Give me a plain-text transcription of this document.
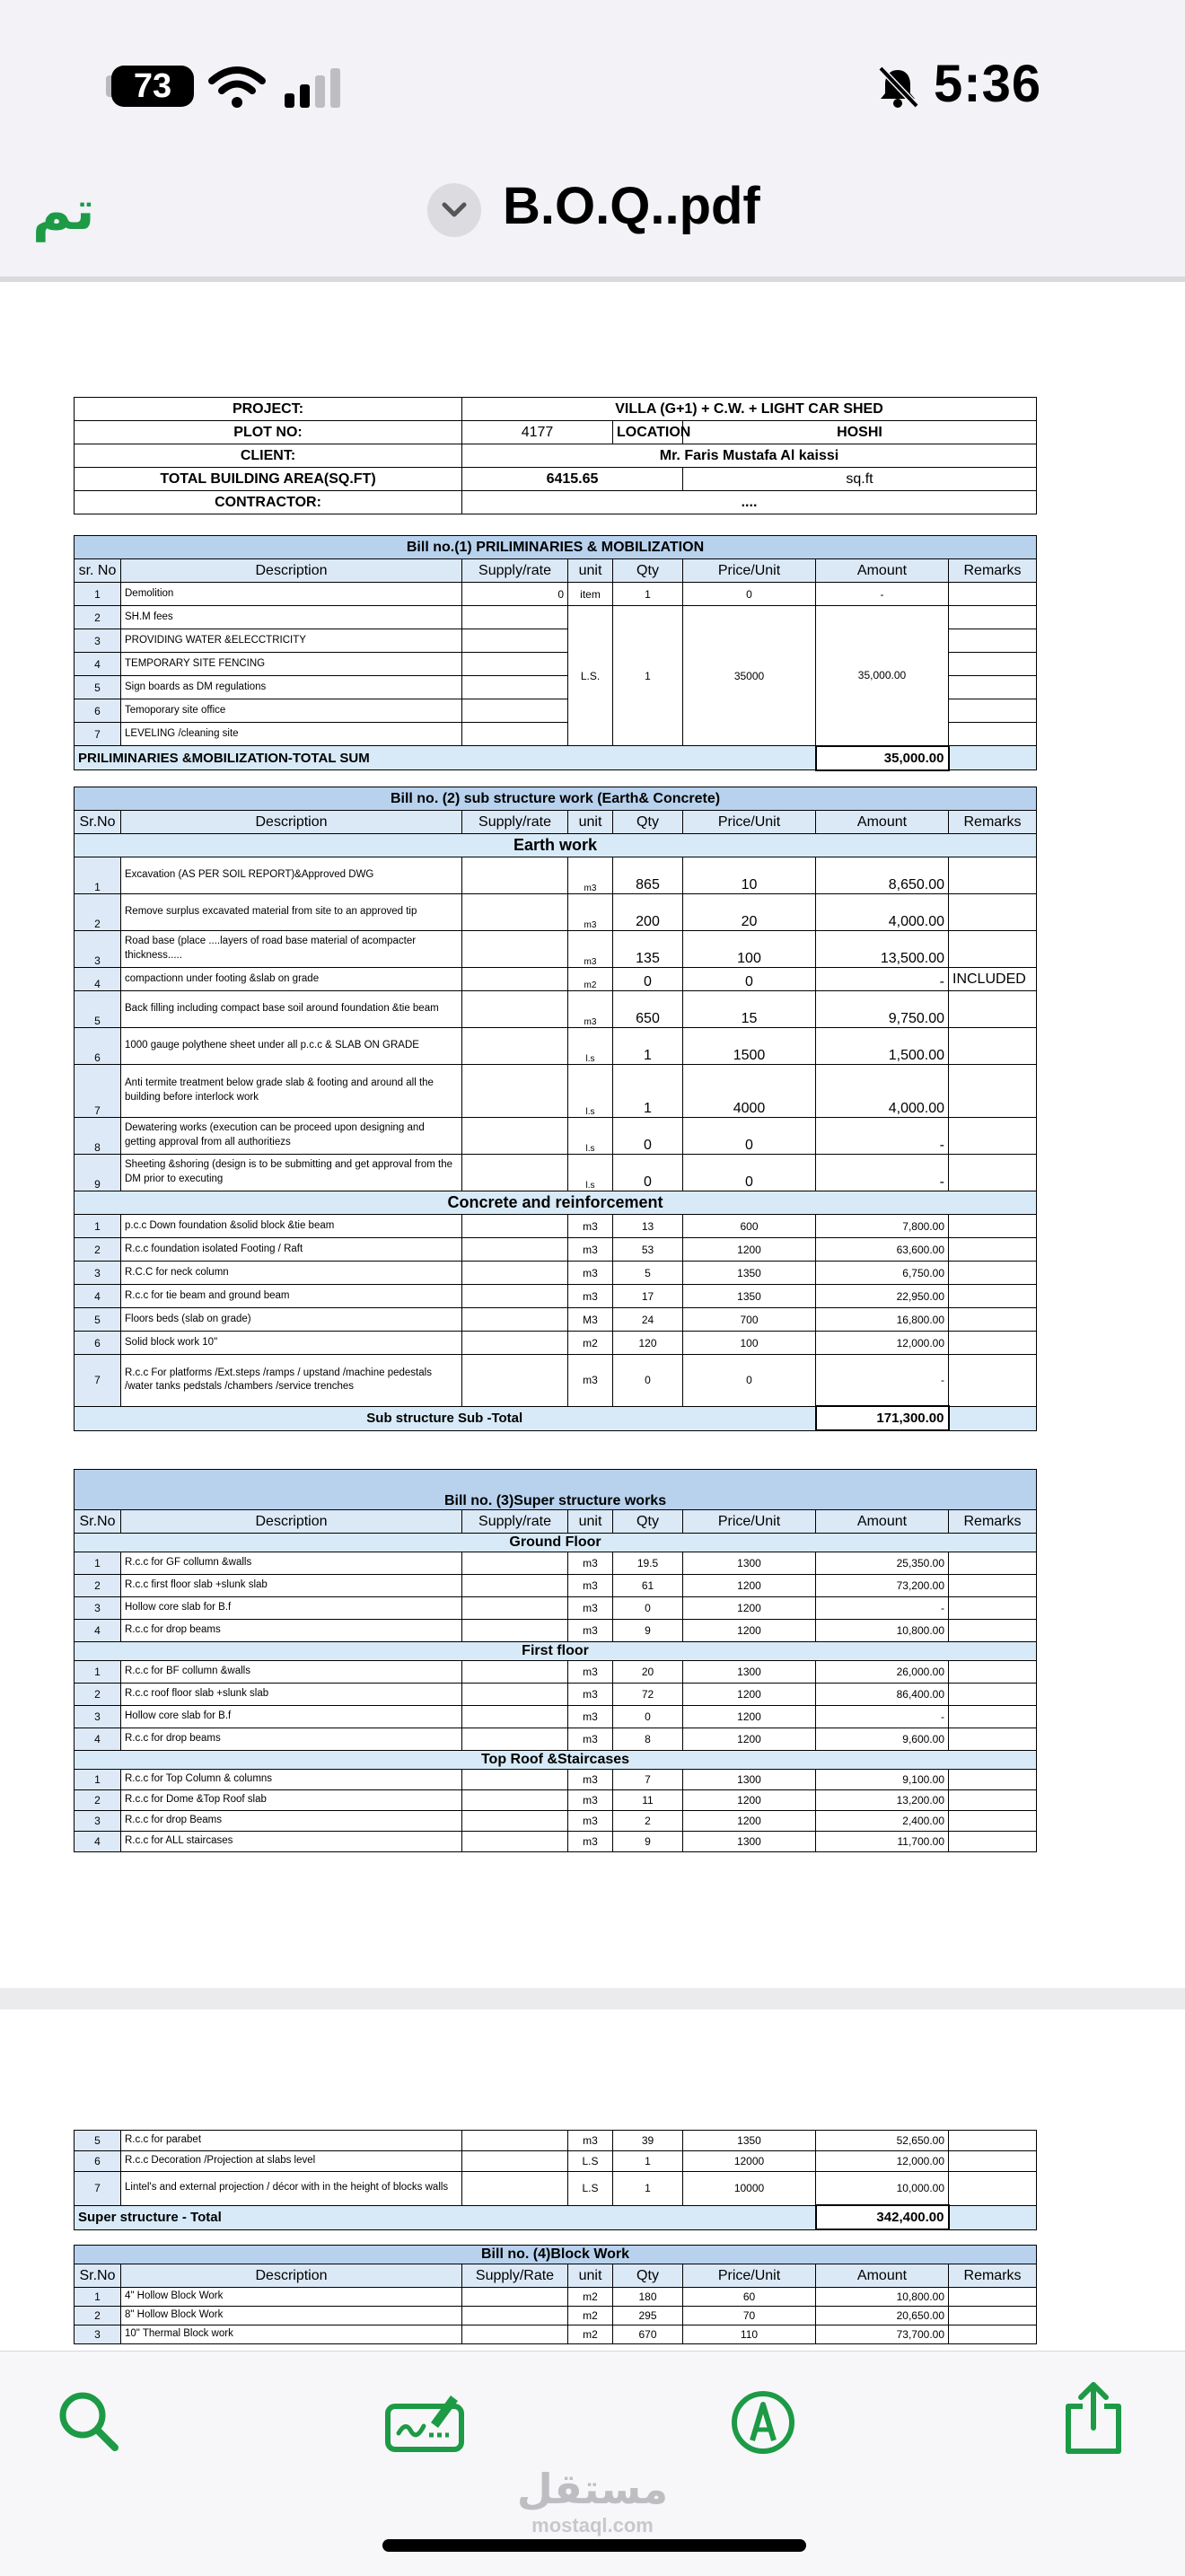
73	5:36
تم	B.O.Q..pdf
PROJECT:	VILLA (G+1) + C.W. + LIGHT CAR SHED		
PLOT NO:	4177	LOCATION	HOSHI
CLIENT:	Mr. Faris Mustafa Al kaissi		
TOTAL BUILDING AREA(SQ.FT)	6415.65		sq.ft
CONTRACTOR:	....		
Bill no.(1) PRILIMINARIES & MOBILIZATION							
sr. No	Description	Supply/rate	unit	Qty	Price/Unit	Amount	Remarks
1	Demolition	0	item	1	0	-	
2	SH.M fees		L.S.	1	35000	35,000.00	
3	PROVIDING WATER &ELECCTRICITY						
4	TEMPORARY SITE FENCING						
5	Sign boards as DM regulations						
6	Temoporary site office						
7	LEVELING /cleaning site						
PRILIMINARIES &MOBILIZATION-TOTAL SUM						35,000.00	
Bill no. (2) sub structure work (Earth& Concrete)							
Sr.No	Description	Supply/rate	unit	Qty	Price/Unit	Amount	Remarks
Earth work							
1	Excavation (AS PER SOIL REPORT)&Approved DWG		m3	865	10	8,650.00	
2	Remove surplus excavated material from site to an approved tip		m3	200	20	4,000.00	
3	Road base (place ....layers of road base material of acompacter thickness.....		m3	135	100	13,500.00	
4	compactionn under footing &slab on grade		m2	0	0	-	INCLUDED
5	Back filling including compact base soil around foundation &tie beam		m3	650	15	9,750.00	
6	1000 gauge polythene sheet under all p.c.c & SLAB ON GRADE		l.s	1	1500	1,500.00	
7	Anti termite treatment below grade slab & footing and around all the building before interlock work		l.s	1	4000	4,000.00	
8	Dewatering works (execution can be proceed upon designing and getting approval from all authoritiezs		l.s	0	0	-	
9	Sheeting &shoring (design is to be submitting and get approval from the DM prior to executing		l.s	0	0	-	
Concrete and reinforcement							
1	p.c.c Down foundation &solid block &tie beam		m3	13	600	7,800.00	
2	R.c.c foundation isolated Footing / Raft		m3	53	1200	63,600.00	
3	R.C.C for neck column		m3	5	1350	6,750.00	
4	R.c.c for tie beam and ground beam		m3	17	1350	22,950.00	
5	Floors beds (slab on grade)		M3	24	700	16,800.00	
6	Solid block work 10"		m2	120	100	12,000.00	
7	R.c.c For platforms /Ext.steps /ramps / upstand /machine pedestals /water tanks pedstals /chambers /service trenches		m3	0	0	-	
Sub structure Sub -Total						171,300.00	
Bill no. (3)Super structure works							
Sr.No	Description	Supply/rate	unit	Qty	Price/Unit	Amount	Remarks
Ground Floor							
1	R.c.c for GF collumn &walls		m3	19.5	1300	25,350.00	
2	R.c.c first floor slab +slunk slab		m3	61	1200	73,200.00	
3	Hollow core slab for B.f		m3	0	1200	-	
4	R.c.c for drop beams		m3	9	1200	10,800.00	
First floor							
1	R.c.c for BF collumn &walls		m3	20	1300	26,000.00	
2	R.c.c roof floor slab +slunk slab		m3	72	1200	86,400.00	
3	Hollow core slab for B.f		m3	0	1200	-	
4	R.c.c for drop beams		m3	8	1200	9,600.00	
Top Roof &Staircases							
1	R.c.c for Top Column & columns		m3	7	1300	9,100.00	
2	R.c.c for Dome &Top Roof slab		m3	11	1200	13,200.00	
3	R.c.c for drop Beams		m3	2	1200	2,400.00	
4	R.c.c for ALL staircases		m3	9	1300	11,700.00	
5	R.c.c for parabet		m3	39	1350	52,650.00	
6	R.c.c Decoration /Projection at slabs level		L.S	1	12000	12,000.00	
7	Lintel's and external projection / décor with in the height of blocks walls		L.S	1	10000	10,000.00	
Super structure - Total						342,400.00	
Bill no. (4)Block Work							
Sr.No	Description	Supply/Rate	unit	Qty	Price/Unit	Amount	Remarks
1	4" Hollow Block Work		m2	180	60	10,800.00	
2	8" Hollow Block Work		m2	295	70	20,650.00	
3	10" Thermal Block work		m2	670	110	73,700.00	
مستقل
mostaql.com
